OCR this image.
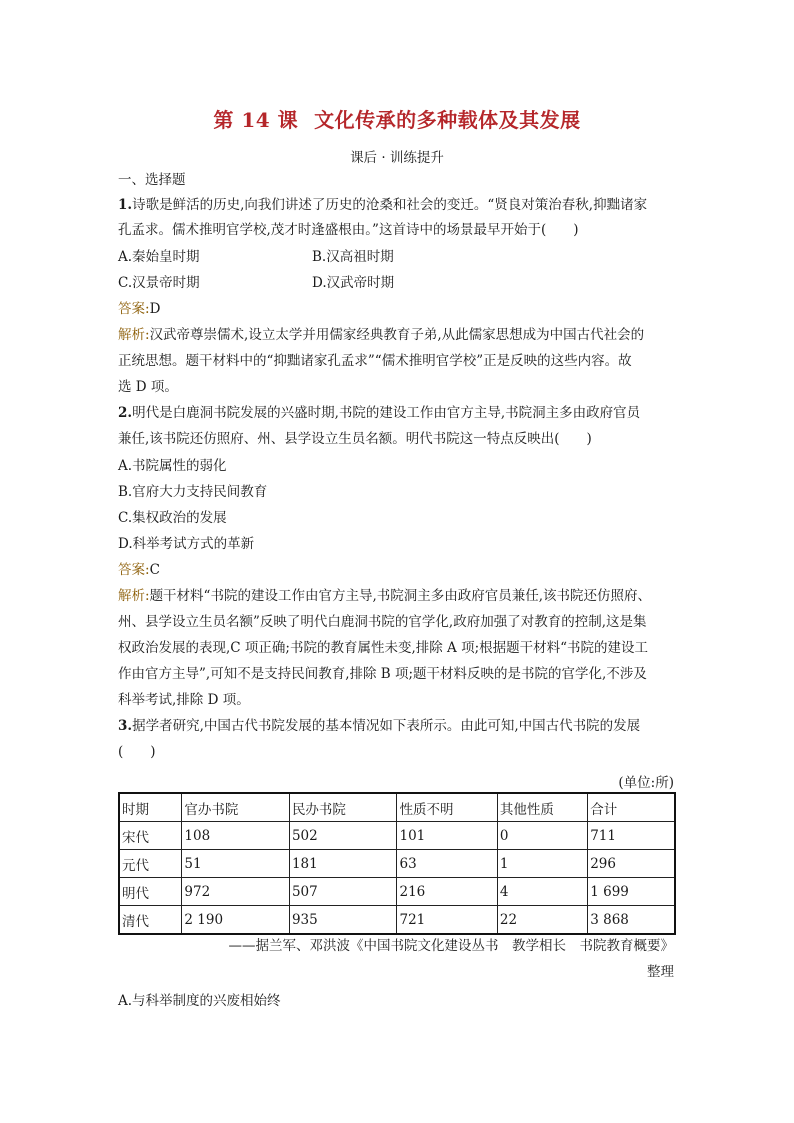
第 14 课 文化传承的多种载体及其发展
课后 · 训练提升
一、选择题
1.诗歌是鲜活的历史,向我们讲述了历史的沧桑和社会的变迁。“贤良对策治春秋,抑黜诸家
孔孟求。儒术推明官学校,茂才时逢盛根由。”这首诗中的场景最早开始于(　　)
A.秦始皇时期	B.汉高祖时期
C.汉景帝时期	D.汉武帝时期
答案:D
解析:汉武帝尊崇儒术,设立太学并用儒家经典教育子弟,从此儒家思想成为中国古代社会的
正统思想。题干材料中的“抑黜诸家孔孟求”“儒术推明官学校”正是反映的这些内容。故
选 D 项。
2.明代是白鹿洞书院发展的兴盛时期,书院的建设工作由官方主导,书院洞主多由政府官员
兼任,该书院还仿照府、州、县学设立生员名额。明代书院这一特点反映出(　　)
A.书院属性的弱化
B.官府大力支持民间教育
C.集权政治的发展
D.科举考试方式的革新
答案:C
解析:题干材料“书院的建设工作由官方主导,书院洞主多由政府官员兼任,该书院还仿照府、
州、县学设立生员名额”反映了明代白鹿洞书院的官学化,政府加强了对教育的控制,这是集
权政治发展的表现,C 项正确;书院的教育属性未变,排除 A 项;根据题干材料“书院的建设工
作由官方主导”,可知不是支持民间教育,排除 B 项;题干材料反映的是书院的官学化,不涉及
科举考试,排除 D 项。
3.据学者研究,中国古代书院发展的基本情况如下表所示。由此可知,中国古代书院的发展
(　　)
(单位:所)
时期	官办书院	民办书院	性质不明	其他性质	合计
宋代	108	502	101	0	711
元代	51	181	63	1	296
明代	972	507	216	4	1 699
清代	2 190	935	721	22	3 868
——据兰军、邓洪波《中国书院文化建设丛书　教学相长　书院教育概要》
整理
A.与科举制度的兴废相始终
